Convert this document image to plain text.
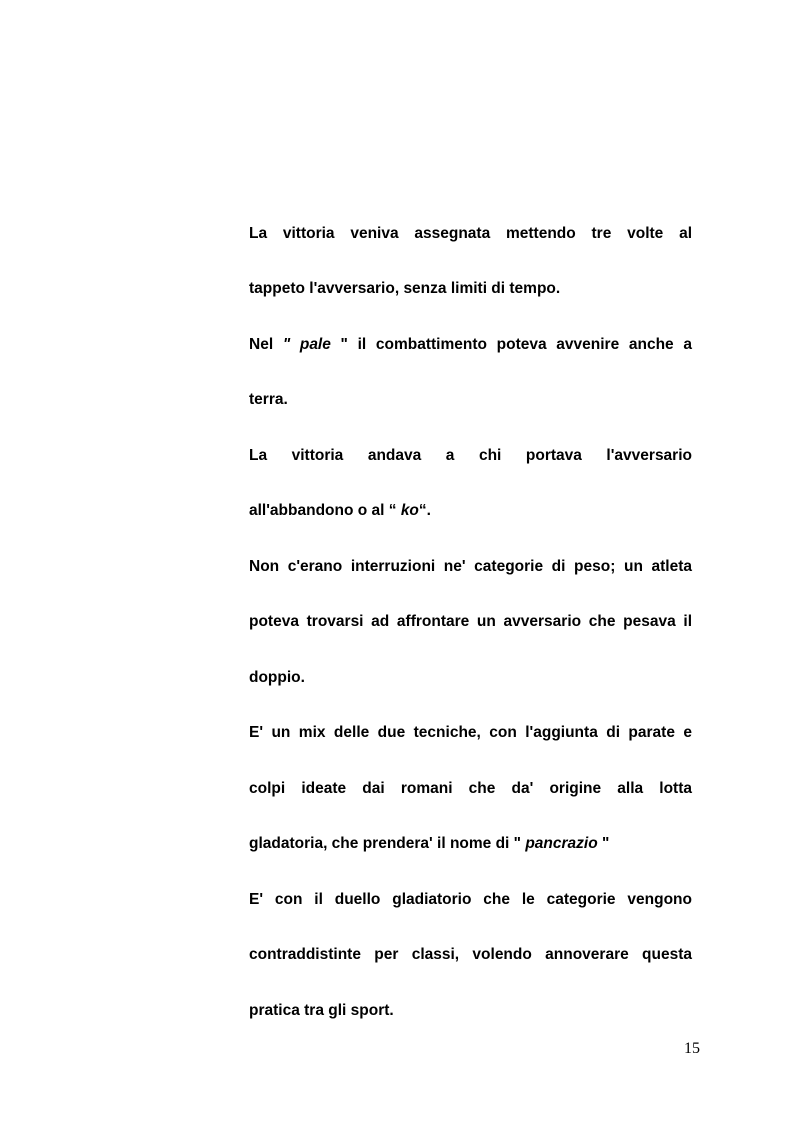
La vittoria veniva assegnata mettendo tre volte al
tappeto l'avversario, senza limiti di tempo.
Nel " pale " il combattimento poteva avvenire anche a
terra.
La vittoria andava a chi portava l'avversario
all'abbandono o al “ ko“.
Non c'erano interruzioni ne' categorie di peso; un atleta
poteva trovarsi ad affrontare un avversario che pesava il
doppio.
E' un mix delle due tecniche, con l'aggiunta di parate e
colpi ideate dai romani che da' origine alla lotta
gladatoria, che prendera' il nome di " pancrazio "
E' con il duello gladiatorio che le categorie vengono
contraddistinte per classi, volendo annoverare questa
pratica tra gli sport.
15
